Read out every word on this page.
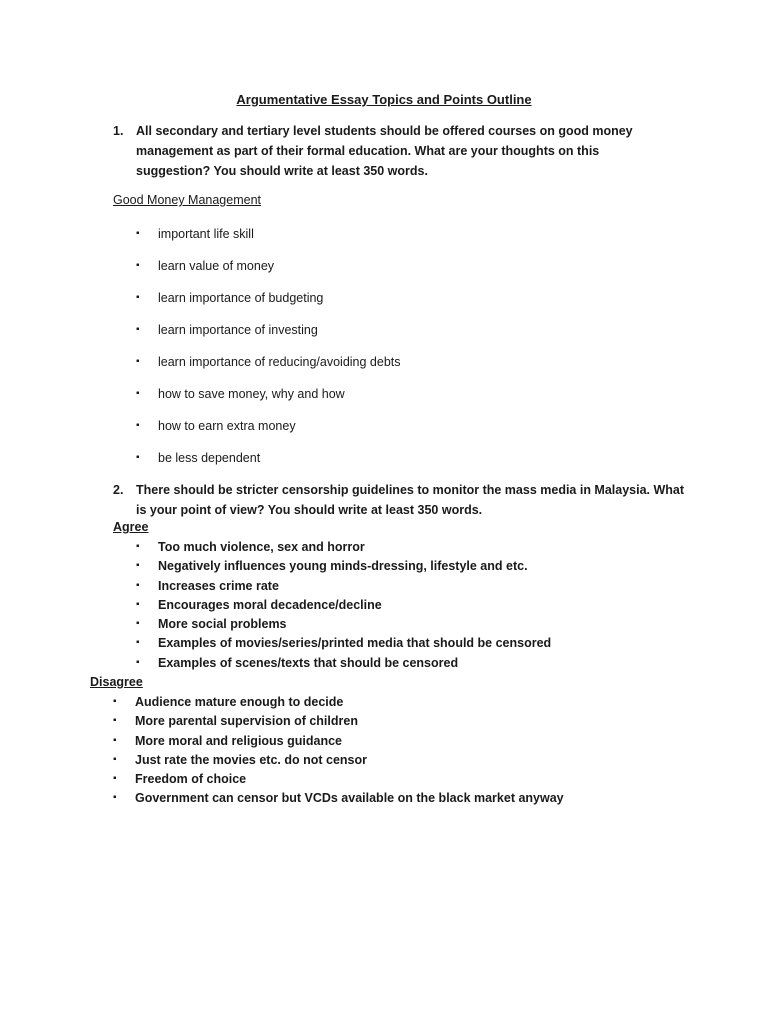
Argumentative Essay Topics and Points Outline
1. All secondary and tertiary level students should be offered courses on good money management as part of their formal education. What are your thoughts on this suggestion? You should write at least 350 words.
Good Money Management
▪ important life skill
▪ learn value of money
▪ learn importance of budgeting
▪ learn importance of investing
▪ learn importance of reducing/avoiding debts
▪ how to save money, why and how
▪ how to earn extra money
▪ be less dependent
2. There should be stricter censorship guidelines to monitor the mass media in Malaysia. What is your point of view? You should write at least 350 words.
Agree
▪ Too much violence, sex and horror
▪ Negatively influences young minds-dressing, lifestyle and etc.
▪ Increases crime rate
▪ Encourages moral decadence/decline
▪ More social problems
▪ Examples of movies/series/printed media that should be censored
▪ Examples of scenes/texts that should be censored
Disagree
▪ Audience mature enough to decide
▪ More parental supervision of children
▪ More moral and religious guidance
▪ Just rate the movies etc. do not censor
▪ Freedom of choice
▪ Government can censor but VCDs available on the black market anyway
